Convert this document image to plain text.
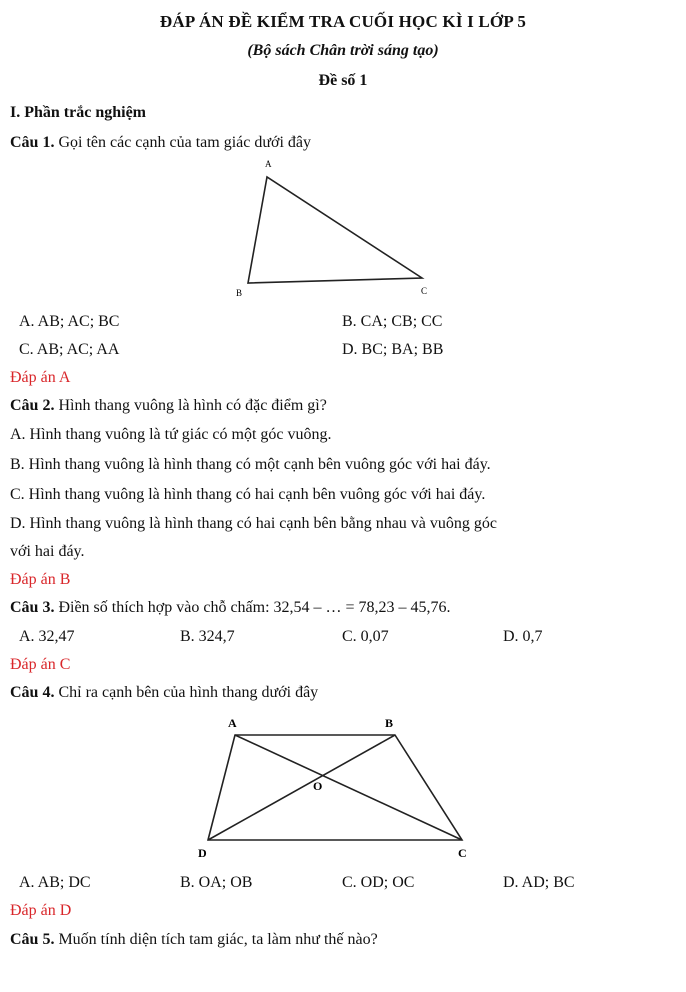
ĐÁP ÁN ĐỀ KIỂM TRA CUỐI HỌC KÌ I LỚP 5
(Bộ sách Chân trời sáng tạo)
Đề số 1
I. Phần trắc nghiệm
Câu 1. Gọi tên các cạnh của tam giác dưới đây
A
B	C
A. AB; AC; BC	B. CA; CB; CC
C. AB; AC; AA	D. BC; BA; BB
Đáp án A
Câu 2. Hình thang vuông là hình có đặc điểm gì?
A. Hình thang vuông là tứ giác có một góc vuông.
B. Hình thang vuông là hình thang có một cạnh bên vuông góc với hai đáy.
C. Hình thang vuông là hình thang có hai cạnh bên vuông góc với hai đáy.
D. Hình thang vuông là hình thang có hai cạnh bên bằng nhau và vuông góc
với hai đáy.
Đáp án B
Câu 3. Điền số thích hợp vào chỗ chấm: 32,54 – … = 78,23 – 45,76.
A. 32,47	B. 324,7	C. 0,07	D. 0,7
Đáp án C
Câu 4. Chỉ ra cạnh bên của hình thang dưới đây
A	B
C
D
O
A. AB; DC	B. OA; OB	C. OD; OC	D. AD; BC
Đáp án D
Câu 5. Muốn tính diện tích tam giác, ta làm như thế nào?
